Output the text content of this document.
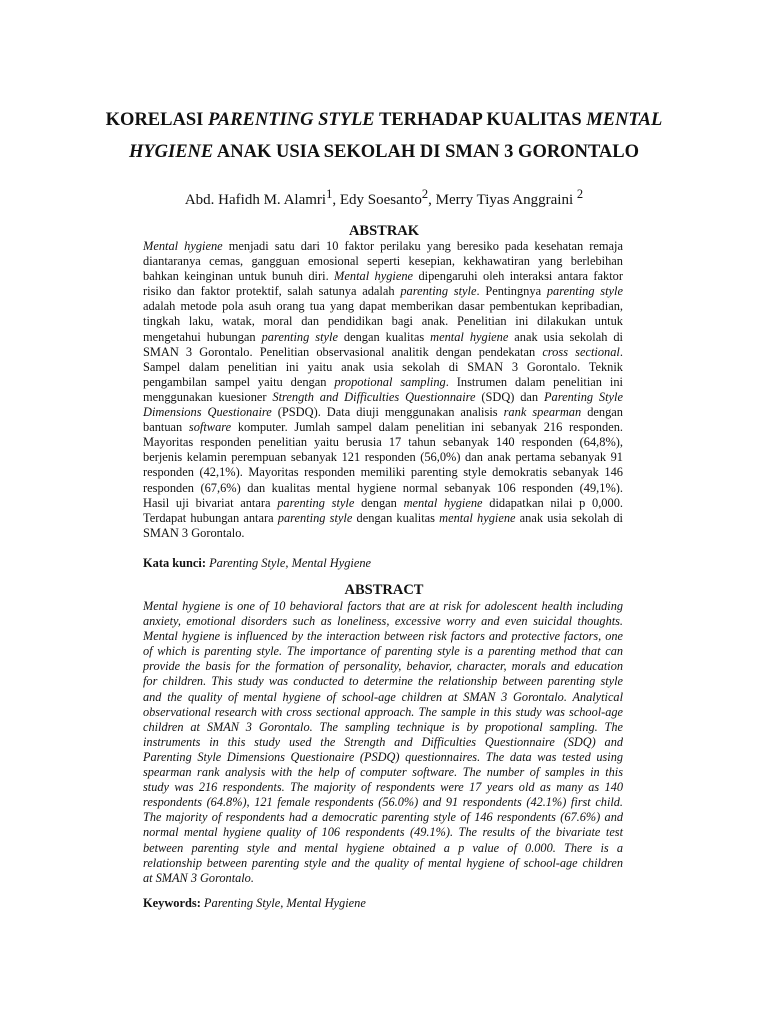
KORELASI PARENTING STYLE TERHADAP KUALITAS MENTAL
HYGIENE ANAK USIA SEKOLAH DI SMAN 3 GORONTALO

Abd. Hafidh M. Alamri$^1$, Edy Soesanto$^2$, Merry Tiyas Anggraini $^2$

ABSTRAK
Mental hygiene menjadi satu dari 10 faktor perilaku yang beresiko pada kesehatan remaja
diantaranya cemas, gangguan emosional seperti kesepian, kekhawatiran yang berlebihan
bahkan keinginan untuk bunuh diri. Mental hygiene dipengaruhi oleh interaksi antara faktor
risiko dan faktor protektif, salah satunya adalah parenting style. Pentingnya parenting style
adalah metode pola asuh orang tua yang dapat memberikan dasar pembentukan kepribadian,
tingkah laku, watak, moral dan pendidikan bagi anak. Penelitian ini dilakukan untuk
mengetahui hubungan parenting style dengan kualitas mental hygiene anak usia sekolah di
SMAN 3 Gorontalo. Penelitian observasional analitik dengan pendekatan cross sectional.
Sampel dalam penelitian ini yaitu anak usia sekolah di SMAN 3 Gorontalo. Teknik
pengambilan sampel yaitu dengan propotional sampling. Instrumen dalam penelitian ini
menggunakan kuesioner Strength and Difficulties Questionnaire (SDQ) dan Parenting Style
Dimensions Questionaire (PSDQ). Data diuji menggunakan analisis rank spearman dengan
bantuan software komputer. Jumlah sampel dalam penelitian ini sebanyak 216 responden.
Mayoritas responden penelitian yaitu berusia 17 tahun sebanyak 140 responden (64,8%),
berjenis kelamin perempuan sebanyak 121 responden (56,0%) dan anak pertama sebanyak 91
responden (42,1%). Mayoritas responden memiliki parenting style demokratis sebanyak 146
responden (67,6%) dan kualitas mental hygiene normal sebanyak 106 responden (49,1%).
Hasil uji bivariat antara parenting style dengan mental hygiene didapatkan nilai p 0,000.
Terdapat hubungan antara parenting style dengan kualitas mental hygiene anak usia sekolah di
SMAN 3 Gorontalo.

Kata kunci: Parenting Style, Mental Hygiene

ABSTRACT
Mental hygiene is one of 10 behavioral factors that are at risk for adolescent health including
anxiety, emotional disorders such as loneliness, excessive worry and even suicidal thoughts.
Mental hygiene is influenced by the interaction between risk factors and protective factors, one
of which is parenting style. The importance of parenting style is a parenting method that can
provide the basis for the formation of personality, behavior, character, morals and education
for children. This study was conducted to determine the relationship between parenting style
and the quality of mental hygiene of school-age children at SMAN 3 Gorontalo. Analytical
observational research with cross sectional approach. The sample in this study was school-age
children at SMAN 3 Gorontalo. The sampling technique is by propotional sampling. The
instruments in this study used the Strength and Difficulties Questionnaire (SDQ) and
Parenting Style Dimensions Questionaire (PSDQ) questionnaires. The data was tested using
spearman rank analysis with the help of computer software. The number of samples in this
study was 216 respondents. The majority of respondents were 17 years old as many as 140
respondents (64.8%), 121 female respondents (56.0%) and 91 respondents (42.1%) first child.
The majority of respondents had a democratic parenting style of 146 respondents (67.6%) and
normal mental hygiene quality of 106 respondents (49.1%). The results of the bivariate test
between parenting style and mental hygiene obtained a p value of 0.000. There is a
relationship between parenting style and the quality of mental hygiene of school-age children
at SMAN 3 Gorontalo.

Keywords: Parenting Style, Mental Hygiene
